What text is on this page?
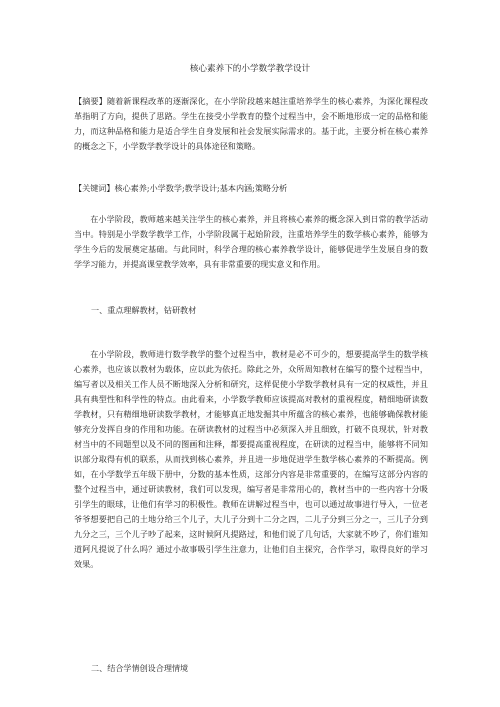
核心素养下的小学数学教学设计

【摘要】随着新课程改革的逐渐深化，在小学阶段越来越注重培养学生的核心素养，为深化课程改革指明了方向，提供了思路。学生在接受小学教育的整个过程当中，会不断地形成一定的品格和能力，而这种品格和能力是适合学生自身发展和社会发展实际需求的。基于此，主要分析在核心素养的概念之下，小学数学教学设计的具体途径和策略。

【关键词】核心素养;小学数学;教学设计;基本内涵;策略分析

在小学阶段，教师越来越关注学生的核心素养，并且将核心素养的概念深入到日常的教学活动当中。特别是小学数学教学工作，小学阶段属于起始阶段，注重培养学生的数学核心素养，能够为学生今后的发展奠定基础。与此同时，科学合理的核心素养教学设计，能够促进学生发展自身的数学学习能力，并提高课堂教学效率，具有非常重要的现实意义和作用。

一、重点理解教材，钻研教材

在小学阶段，教师进行数学教学的整个过程当中，教材是必不可少的，想要提高学生的数学核心素养，也应该以教材为载体，应以此为依托。除此之外，众所周知教材在编写的整个过程当中，编写者以及相关工作人员不断地深入分析和研究，这样促使小学数学教材具有一定的权威性，并且具有典型性和科学性的特点。由此看来，小学数学教师应该提高对教材的重视程度，精细地研读数学教材，只有精细地研读数学教材，才能够真正地发掘其中所蕴含的核心素养，也能够确保教材能够充分发挥自身的作用和功能。在研读教材的过程当中必须深入并且细致，打破不良现状，针对教材当中的不同题型以及不同的图画和注释，都要提高重视程度，在研读的过程当中，能够将不同知识部分取得有机的联系，从而找到核心素养，并且进一步地促进学生数学核心素养的不断提高。例如，在小学数学五年级下册中，分数的基本性质，这部分内容是非常重要的，在编写这部分内容的整个过程当中，通过研读教材，我们可以发现，编写者是非常用心的，教材当中的一些内容十分吸引学生的眼球，让他们有学习的积极性。教师在讲解过程当中，也可以通过故事进行导入，一位老爷爷想要把自己的土地分给三个儿子，大儿子分到十二分之四，二儿子分到三分之一，三儿子分到九分之三，三个儿子吵了起来，这时候阿凡提路过，和他们说了几句话，大家就不吵了，你们谁知道阿凡提说了什么吗？通过小故事吸引学生注意力，让他们自主探究，合作学习，取得良好的学习效果。

二、结合学情创设合理情境
